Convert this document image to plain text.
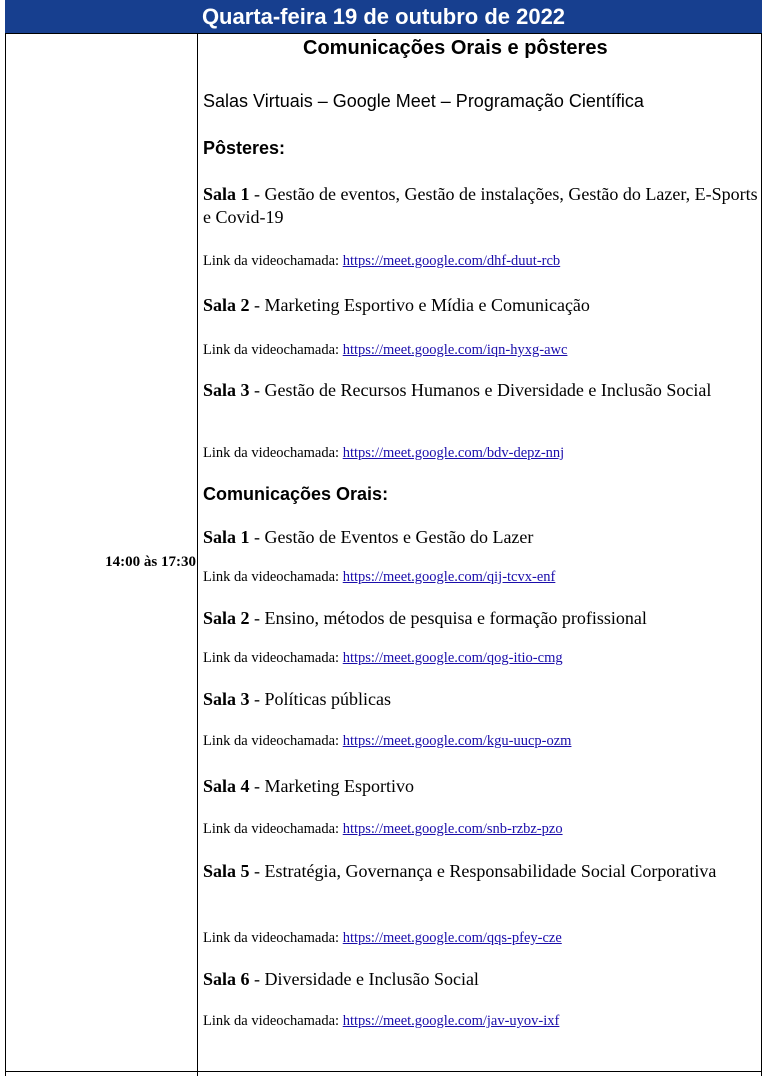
Quarta-feira 19 de outubro de 2022
14:00 às 17:30
Comunicações Orais e pôsteres
Salas Virtuais – Google Meet – Programação Científica
Pôsteres:
Sala 1 - Gestão de eventos, Gestão de instalações, Gestão do Lazer, E-Sports e Covid-19
Link da videochamada: https://meet.google.com/dhf-duut-rcb
Sala 2 - Marketing Esportivo e Mídia e Comunicação
Link da videochamada: https://meet.google.com/iqn-hyxg-awc
Sala 3 - Gestão de Recursos Humanos e Diversidade e Inclusão Social
Link da videochamada: https://meet.google.com/bdv-depz-nnj
Comunicações Orais:
Sala 1 - Gestão de Eventos e Gestão do Lazer
Link da videochamada: https://meet.google.com/qij-tcvx-enf
Sala 2 - Ensino, métodos de pesquisa e formação profissional
Link da videochamada: https://meet.google.com/qog-itio-cmg
Sala 3 - Políticas públicas
Link da videochamada: https://meet.google.com/kgu-uucp-ozm
Sala 4 - Marketing Esportivo
Link da videochamada: https://meet.google.com/snb-rzbz-pzo
Sala 5 - Estratégia, Governança e Responsabilidade Social Corporativa
Link da videochamada: https://meet.google.com/qqs-pfey-cze
Sala 6 - Diversidade e Inclusão Social
Link da videochamada: https://meet.google.com/jav-uyov-ixf
